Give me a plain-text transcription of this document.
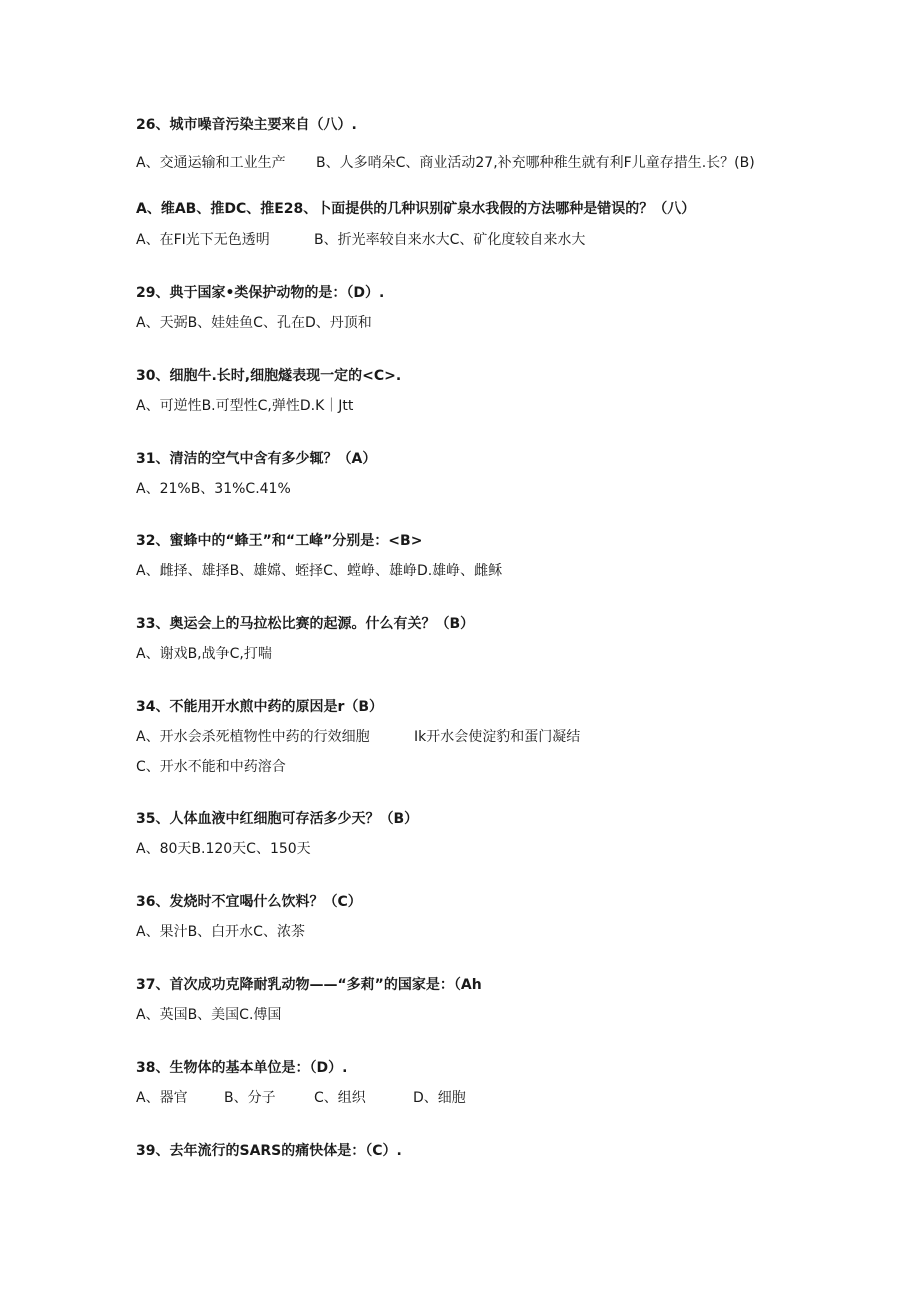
26、城市噪音污染主要来自（八）.

A、交通运输和工业生产

B、人多哨朵C、商业活动27,补充哪种稚生就有利F儿童存措生.长？(B)

A、维AB、推DC、推E28、卜面提供的几种识别矿泉水我假的方法哪种是错误的？（八）

A、在FI光下无色透明

	B、折光率较自来水大C、矿化度较自来水大

29、典于国家•类保护动物的是：（D）.
A、天弼B、娃娃鱼C、孔在D、丹顶和
30、细胞牛.长时,细胞燧表现一定的<C>.
A、可逆性B.可型性C,弹性D.K｜Jtt
31、清洁的空气中含有多少辄？（A）
A、21%B、31%C.41%
32、蜜蜂中的“蜂王”和“工峰”分别是：<B>
A、雌择、雄择B、雄嫦、蛭择C、螳峥、雄峥D.雄峥、雌稣
33、奥运会上的马拉松比赛的起源。什么有关？（B）
A、谢戏B,战争C,打喘
34、不能用开水煎中药的原因是r（B）

A、开水会杀死植物性中药的行效细胞

	Ik开水会使淀豹和蛋门凝结

C、开水不能和中药溶合
35、人体血液中红细胞可存活多少天？（B）
A、80天B.120天C、150天
36、发烧时不宜喝什么饮料？（C）
A、果汁B、白开水C、浓茶
37、首次成功克降耐乳动物——“多莉”的国家是：（Ah
A、英国B、美国C.傅国
38、生物体的基本单位是：（D）.

A、器官

	B、分子

	C、组织

	D、细胞

39、去年流行的SARS的痛快体是：（C）.
